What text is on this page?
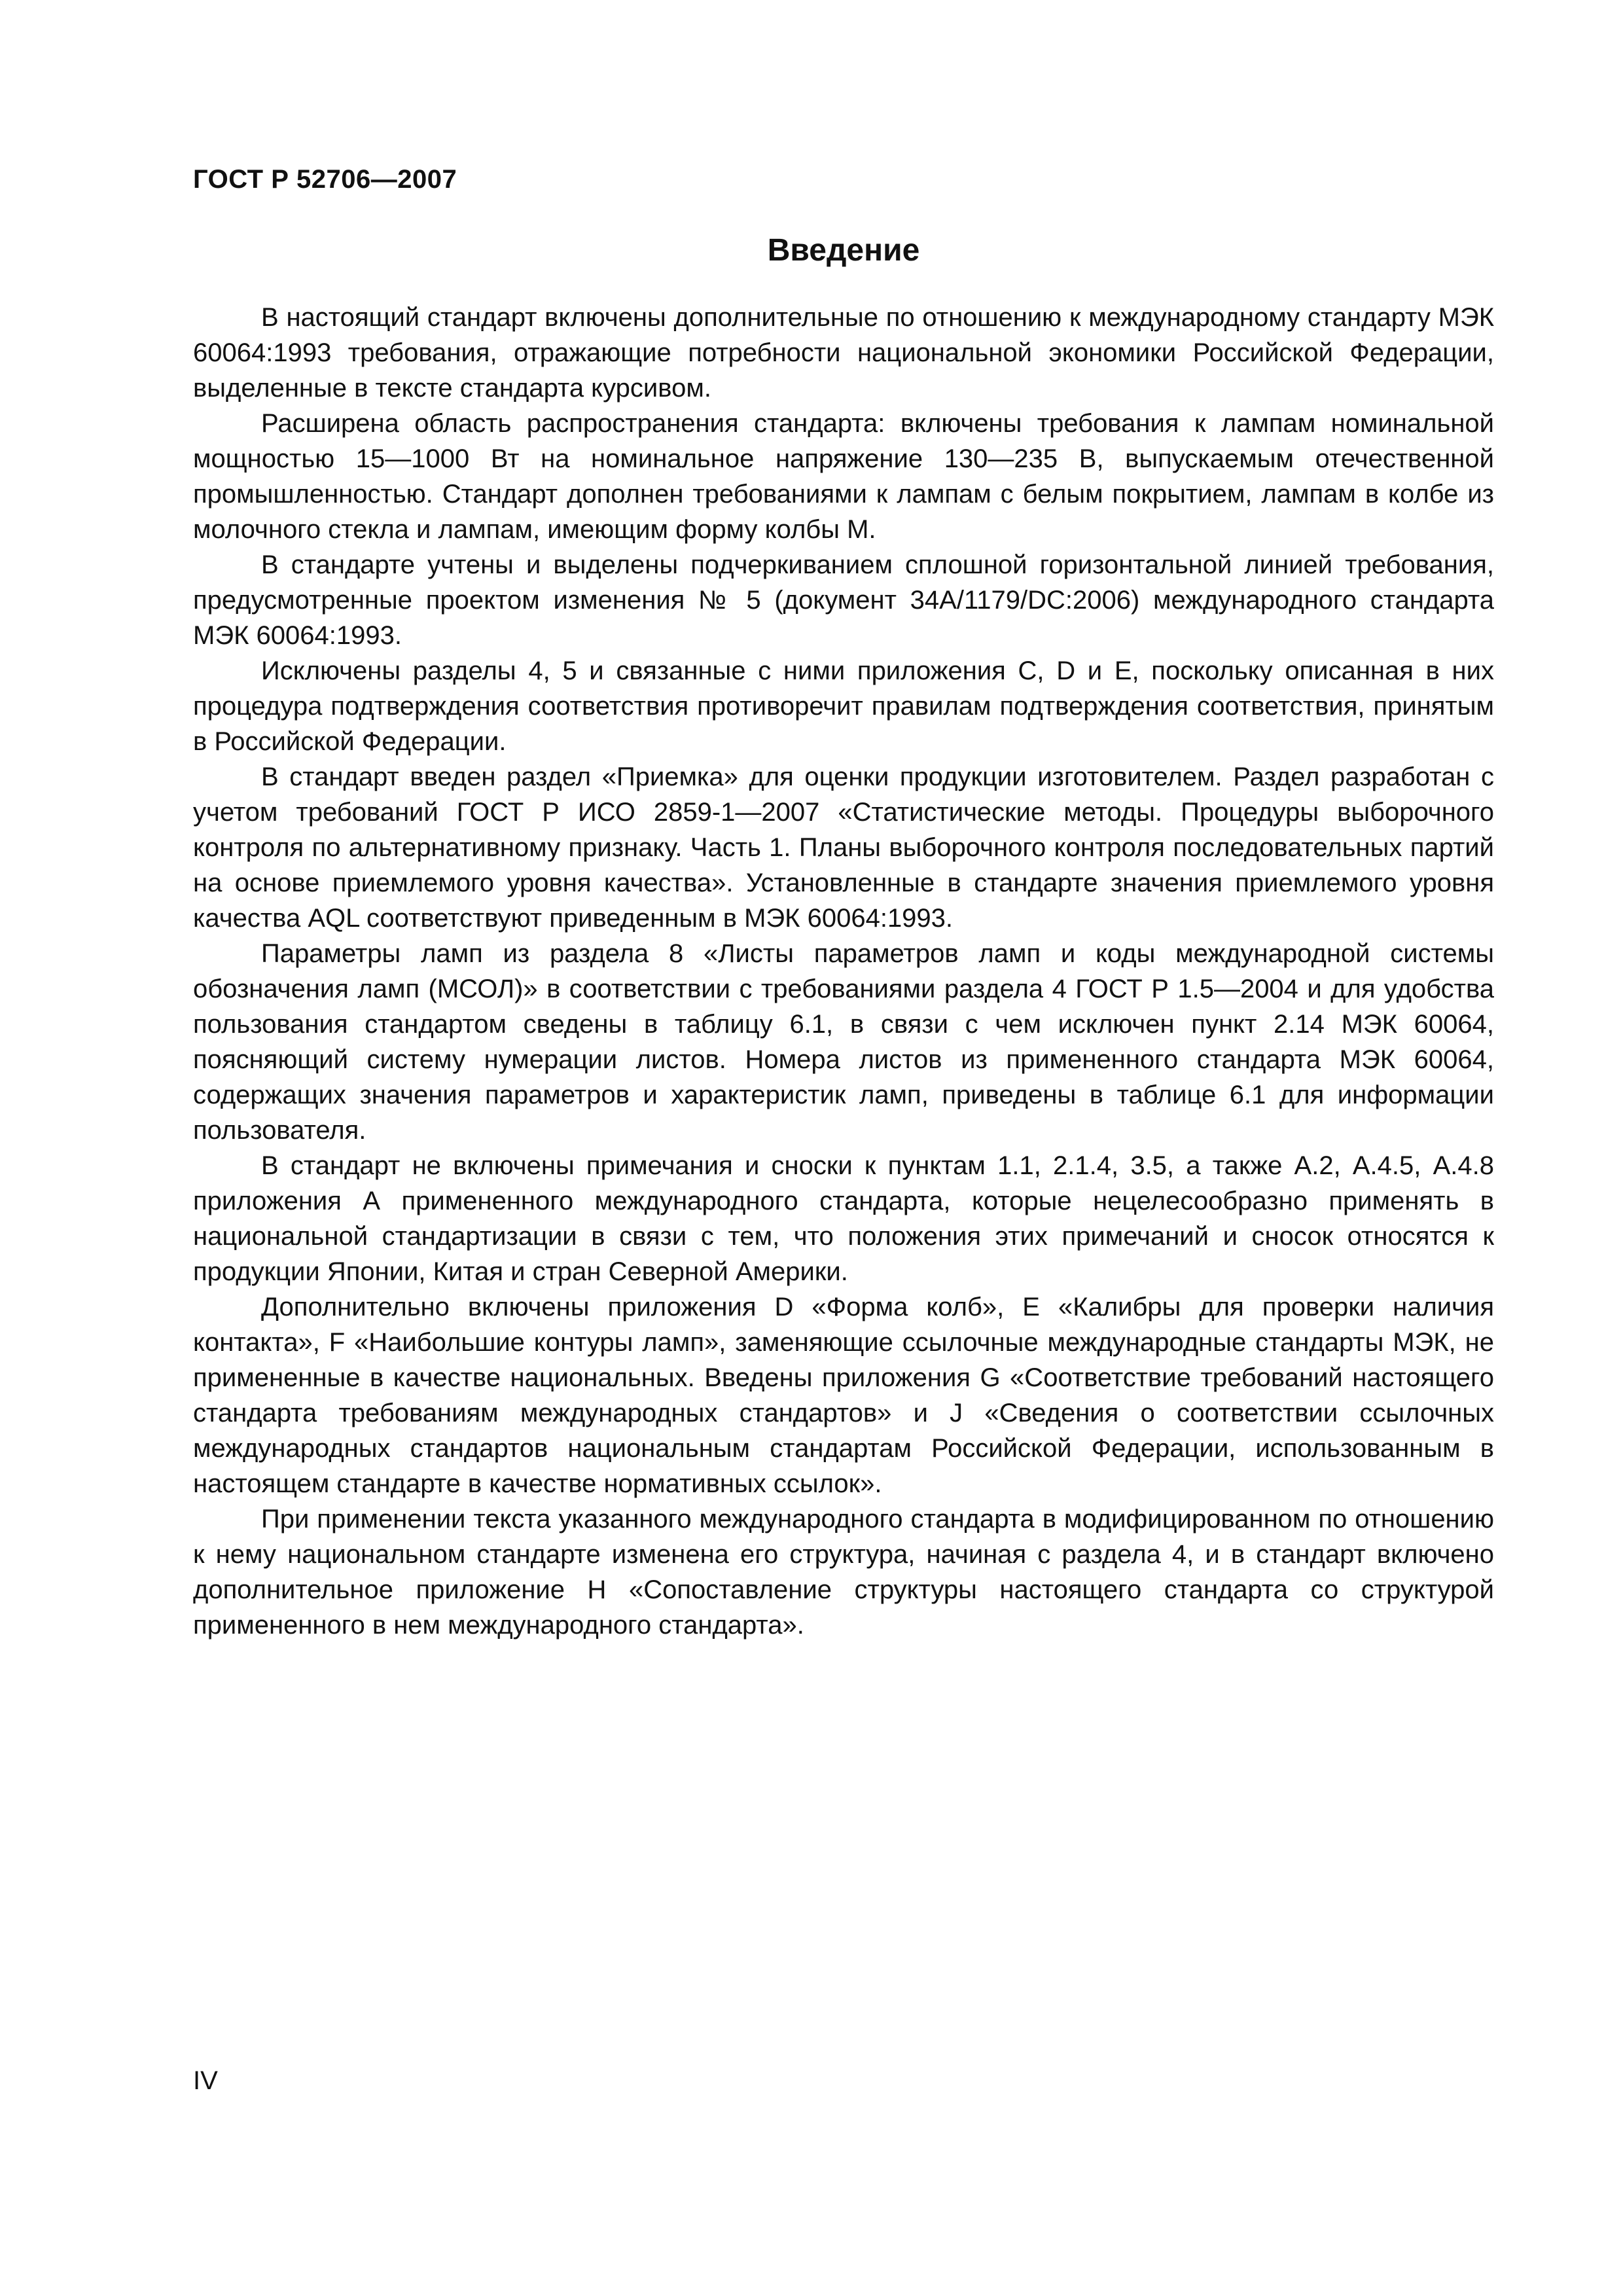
ГОСТ Р 52706—2007

Введение

В настоящий стандарт включены дополнительные по отношению к международному стандарту МЭК 60064:1993 требования, отражающие потребности национальной экономики Российской Федерации, выделенные в тексте стандарта курсивом.

Расширена область распространения стандарта: включены требования к лампам номинальной мощностью 15—1000 Вт на номинальное напряжение 130—235 В, выпускаемым отечественной промышленностью. Стандарт дополнен требованиями к лампам с белым покрытием, лампам в колбе из молочного стекла и лампам, имеющим форму колбы М.

В стандарте учтены и выделены подчеркиванием сплошной горизонтальной линией требования, предусмотренные проектом изменения № 5 (документ 34А/1179/DC:2006) международного стандарта МЭК 60064:1993.

Исключены разделы 4, 5 и связанные с ними приложения C, D и E, поскольку описанная в них процедура подтверждения соответствия противоречит правилам подтверждения соответствия, принятым в Российской Федерации.

В стандарт введен раздел «Приемка» для оценки продукции изготовителем. Раздел разработан с учетом требований ГОСТ Р ИСО 2859-1—2007 «Статистические методы. Процедуры выборочного контроля по альтернативному признаку. Часть 1. Планы выборочного контроля последовательных партий на основе приемлемого уровня качества». Установленные в стандарте значения приемлемого уровня качества AQL соответствуют приведенным в МЭК 60064:1993.

Параметры ламп из раздела 8 «Листы параметров ламп и коды международной системы обозначения ламп (МСОЛ)» в соответствии с требованиями раздела 4 ГОСТ Р 1.5—2004 и для удобства пользования стандартом сведены в таблицу 6.1, в связи с чем исключен пункт 2.14 МЭК 60064, поясняющий систему нумерации листов. Номера листов из примененного стандарта МЭК 60064, содержащих значения параметров и характеристик ламп, приведены в таблице 6.1 для информации пользователя.

В стандарт не включены примечания и сноски к пунктам 1.1, 2.1.4, 3.5, а также А.2, А.4.5, А.4.8 приложения А примененного международного стандарта, которые нецелесообразно применять в национальной стандартизации в связи с тем, что положения этих примечаний и сносок относятся к продукции Японии, Китая и стран Северной Америки.

Дополнительно включены приложения D «Форма колб», Е «Калибры для проверки наличия контакта», F «Наибольшие контуры ламп», заменяющие ссылочные международные стандарты МЭК, не примененные в качестве национальных. Введены приложения G «Соответствие требований настоящего стандарта требованиям международных стандартов» и J «Сведения о соответствии ссылочных международных стандартов национальным стандартам Российской Федерации, использованным в настоящем стандарте в качестве нормативных ссылок».

При применении текста указанного международного стандарта в модифицированном по отношению к нему национальном стандарте изменена его структура, начиная с раздела 4, и в стандарт включено дополнительное приложение Н «Сопоставление структуры настоящего стандарта со структурой примененного в нем международного стандарта».

IV
